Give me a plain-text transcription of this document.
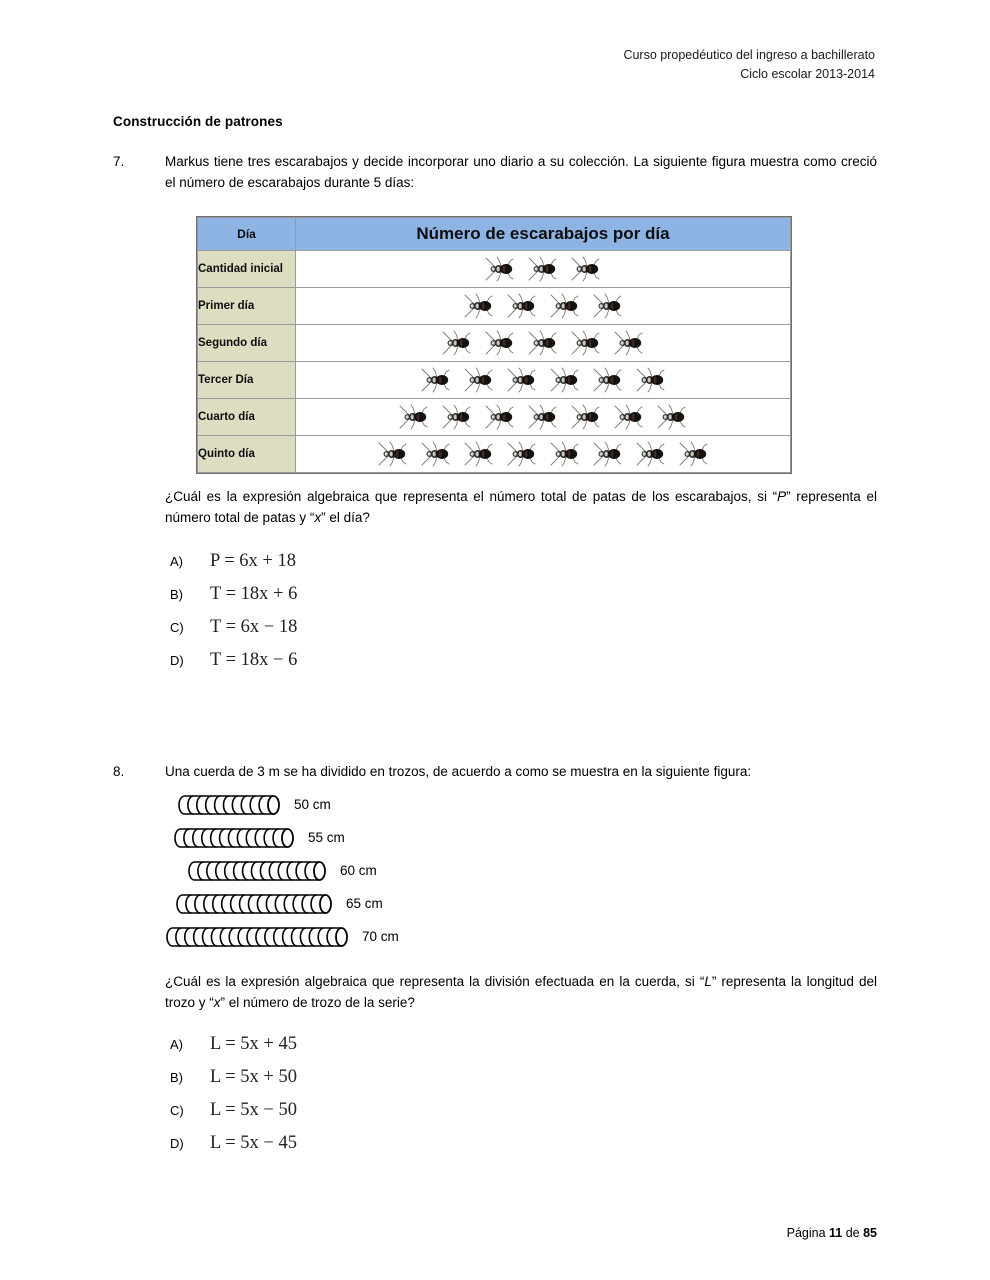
Curso propedéutico del ingreso a bachillerato
Ciclo escolar 2013-2014
Construcción de patrones
7.	Markus tiene tres escarabajos y decide incorporar uno diario a su colección. La siguiente figura muestra como creció el número de escarabajos durante 5 días:
Día	Número de escarabajos por día
Cantidad inicial	

Primer día	

Segundo día	

Tercer Día	

Cuarto día	

Quinto día	
¿Cuál es la expresión algebraica que representa el número total de patas de los escarabajos, si “P” representa el número total de patas y “x” el día?
A)	P = 6x + 18
B)	T = 18x + 6
C)	T = 6x − 18
D)	T = 18x − 6
8.	Una cuerda de 3 m se ha dividido en trozos, de acuerdo a como se muestra en la siguiente figura:
50 cm
55 cm
60 cm
65 cm
70 cm
¿Cuál es la expresión algebraica que representa la división efectuada en la cuerda, si “L” representa la longitud del trozo y “x” el número de trozo de la serie?
A)	L = 5x + 45
B)	L = 5x + 50
C)	L = 5x − 50
D)	L = 5x − 45
Página 11 de 85
